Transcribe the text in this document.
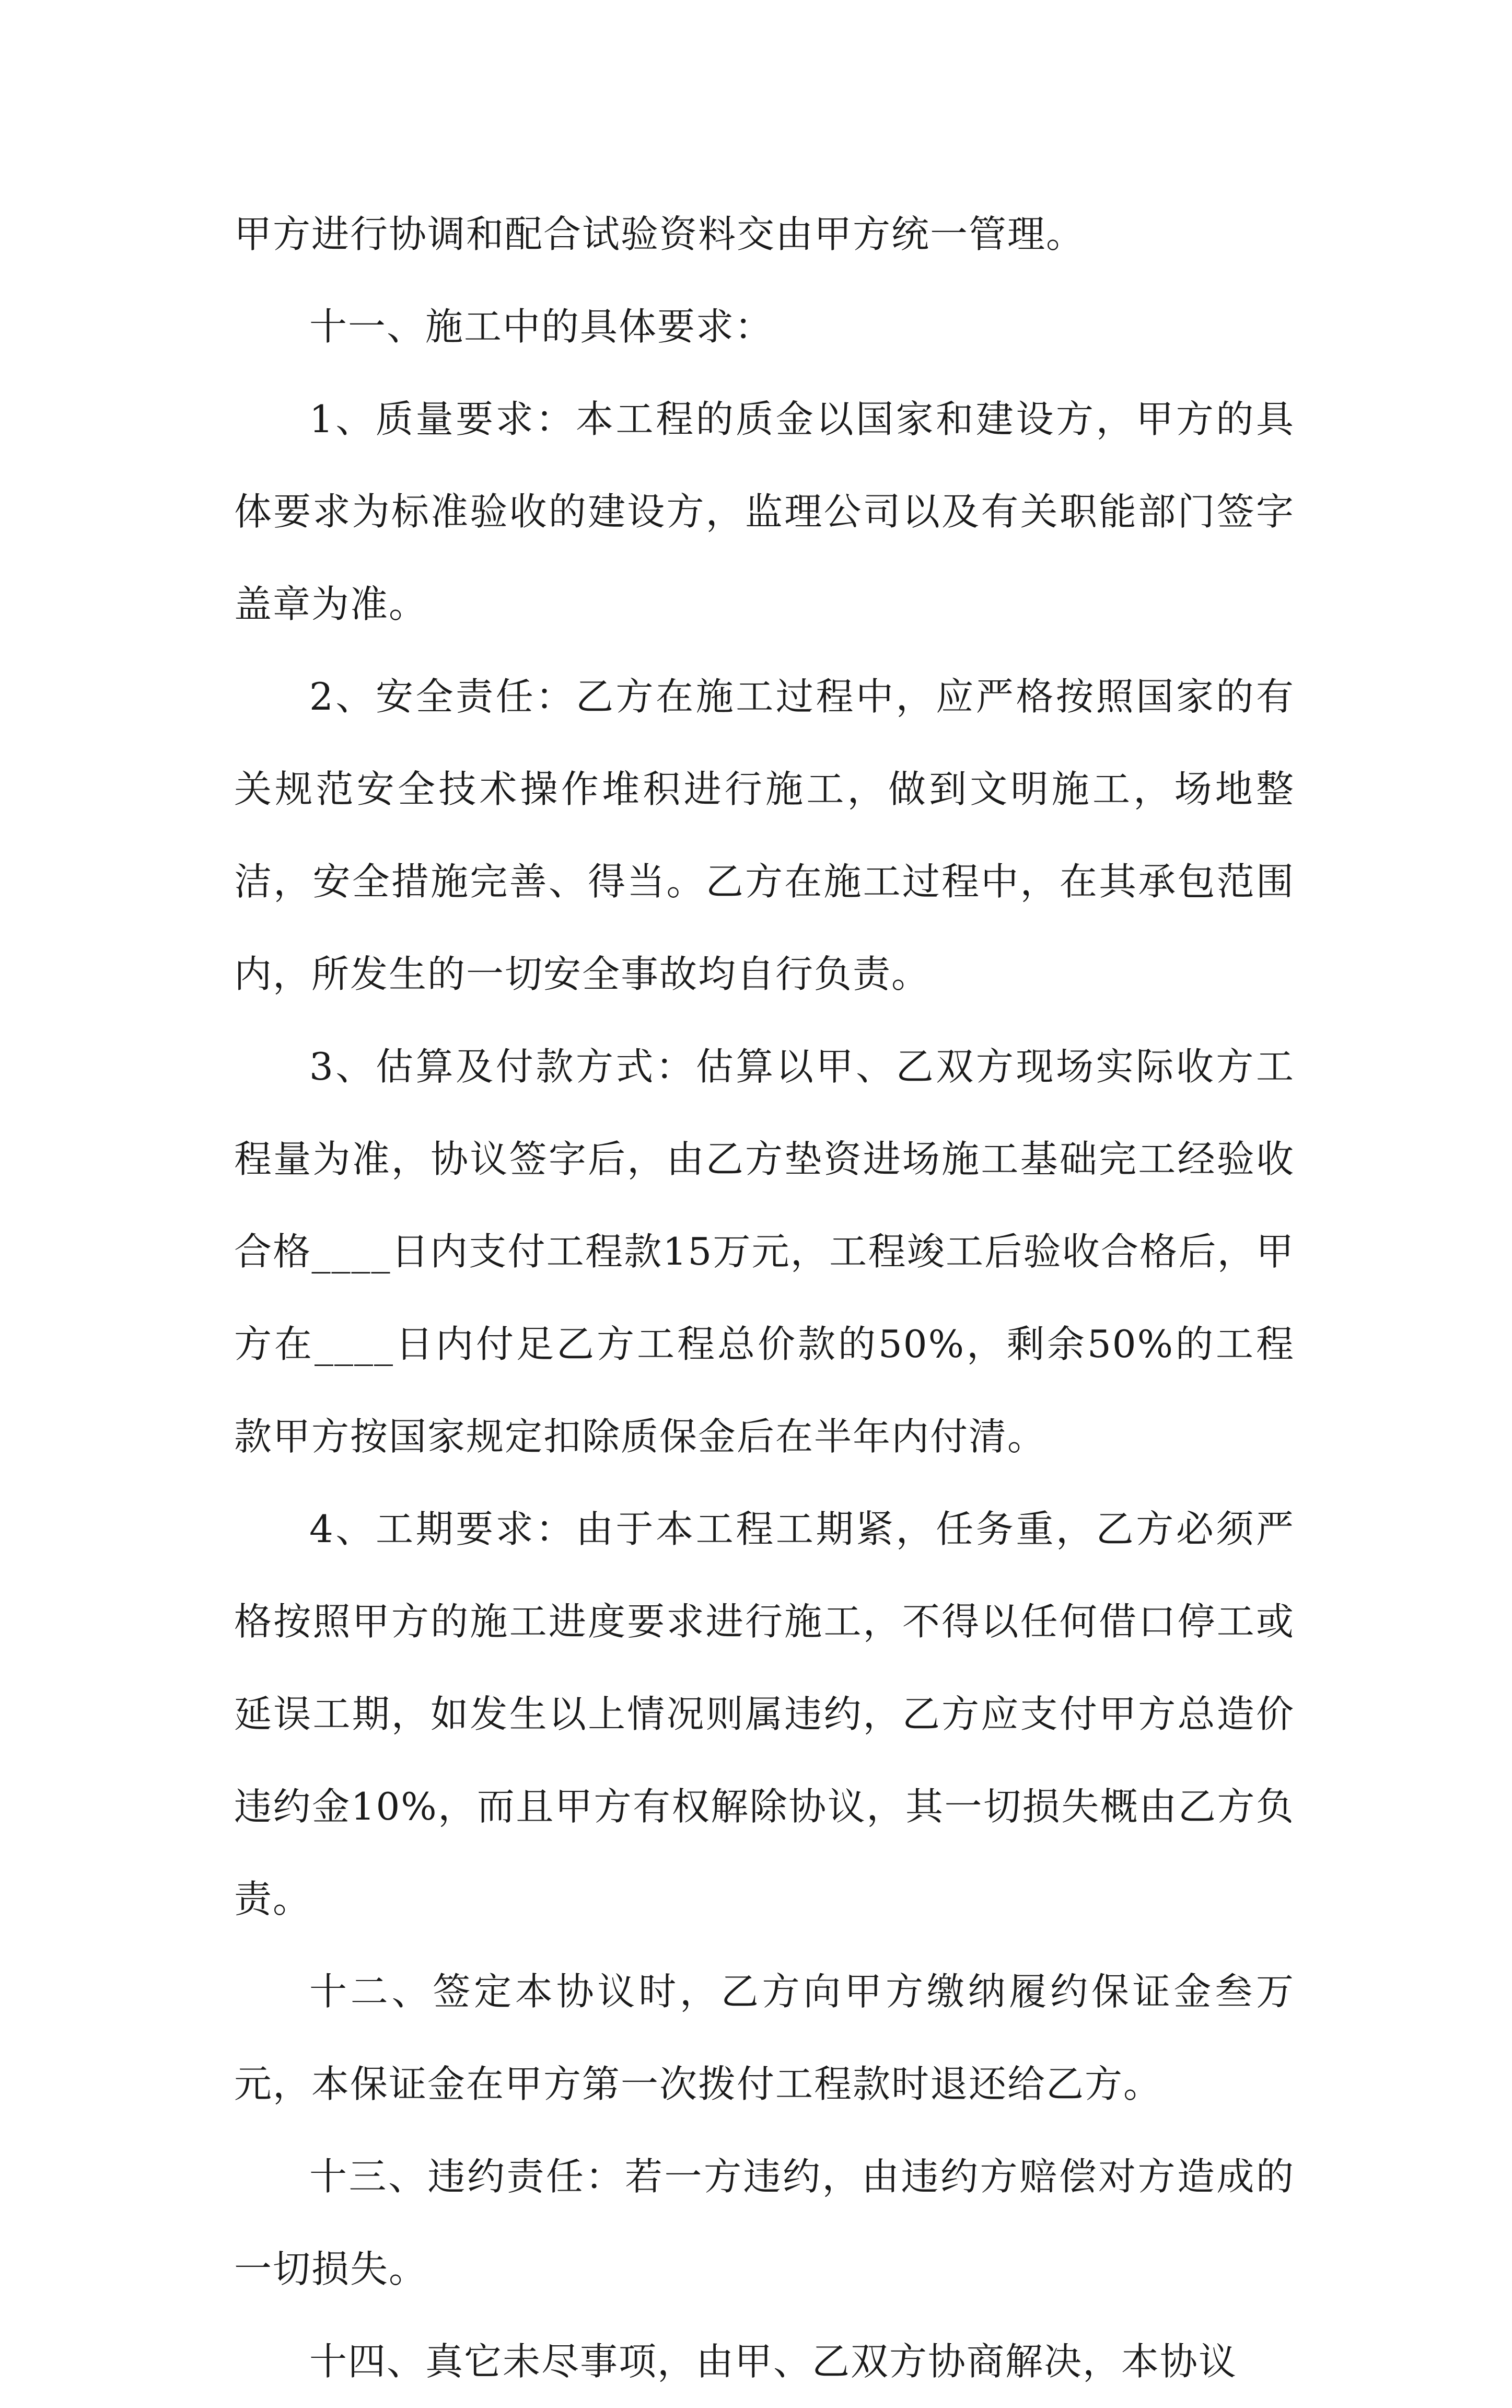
甲方进行协调和配合试验资料交由甲方统一管理。

十一、施工中的具体要求：

1、质量要求：本工程的质金以国家和建设方，甲方的具体要求为标准验收的建设方，监理公司以及有关职能部门签字盖章为准。

2、安全责任：乙方在施工过程中，应严格按照国家的有关规范安全技术操作堆积进行施工，做到文明施工，场地整洁，安全措施完善、得当。乙方在施工过程中，在其承包范围内，所发生的一切安全事故均自行负责。

3、估算及付款方式：估算以甲、乙双方现场实际收方工程量为准，协议签字后，由乙方垫资进场施工基础完工经验收合格____日内支付工程款15万元，工程竣工后验收合格后，甲方在____日内付足乙方工程总价款的50%，剩余50%的工程款甲方按国家规定扣除质保金后在半年内付清。

4、工期要求：由于本工程工期紧，任务重，乙方必须严格按照甲方的施工进度要求进行施工，不得以任何借口停工或延误工期，如发生以上情况则属违约，乙方应支付甲方总造价违约金10%，而且甲方有权解除协议，其一切损失概由乙方负责。

十二、签定本协议时，乙方向甲方缴纳履约保证金叁万元，本保证金在甲方第一次拨付工程款时退还给乙方。

十三、违约责任：若一方违约，由违约方赔偿对方造成的一切损失。

十四、真它未尽事项，由甲、乙双方协商解决，本协议
